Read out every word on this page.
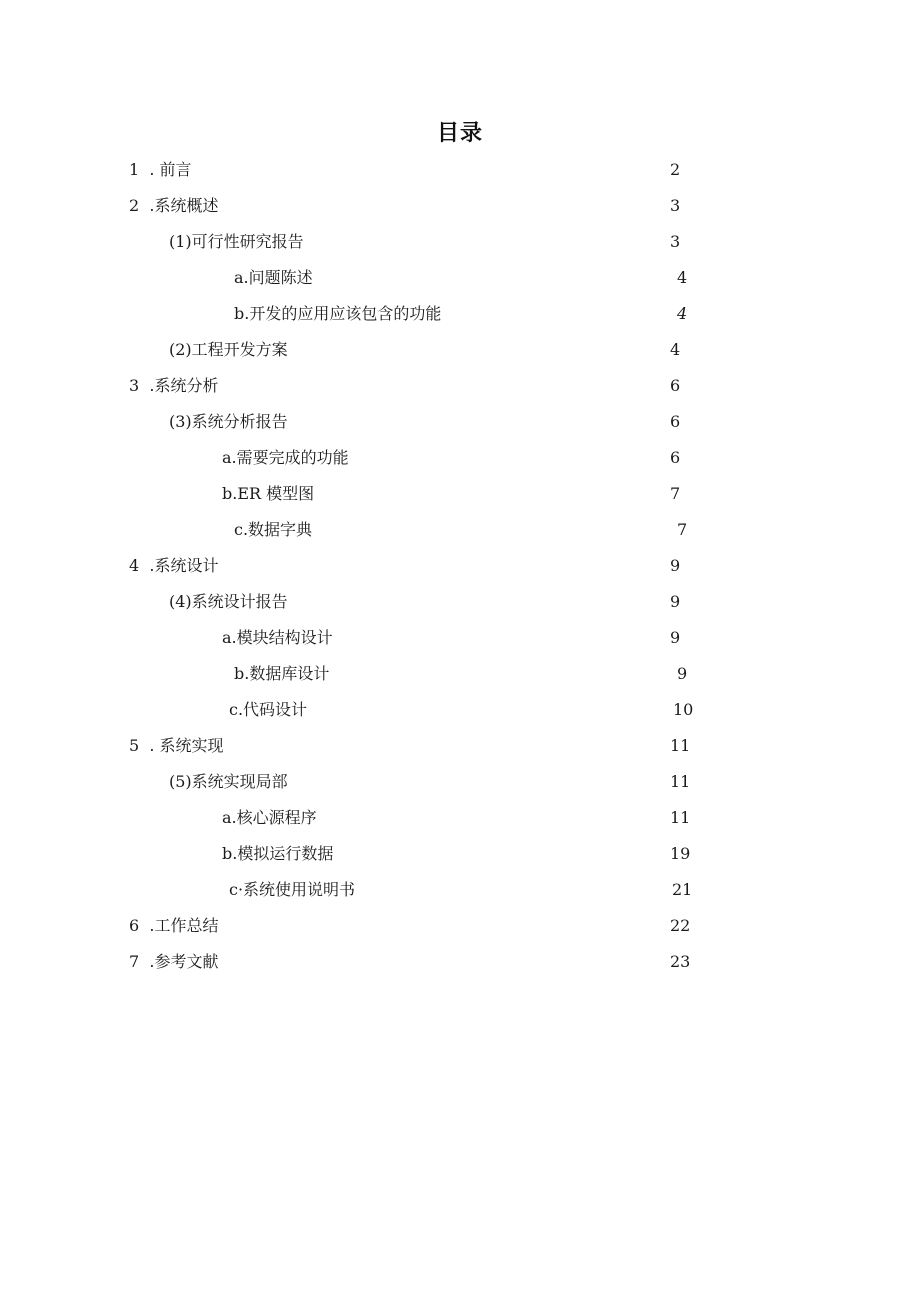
目录
1  . 前言	2
2  .系统概述	3
(1)可行性研究报告	3
a.问题陈述	4
b.开发的应用应该包含的功能	4
(2)工程开发方案	4
3  .系统分析	6
(3)系统分析报告	6
a.需要完成的功能	6
b.ER 模型图	7
c.数据字典	7
4  .系统设计	9
(4)系统设计报告	9
a.模块结构设计	9
b.数据库设计	9
c.代码设计	10
5  . 系统实现	11
(5)系统实现局部	11
a.核心源程序	11
b.模拟运行数据	19
c·系统使用说明书	21
6  .工作总结	22
7  .参考文献	23
